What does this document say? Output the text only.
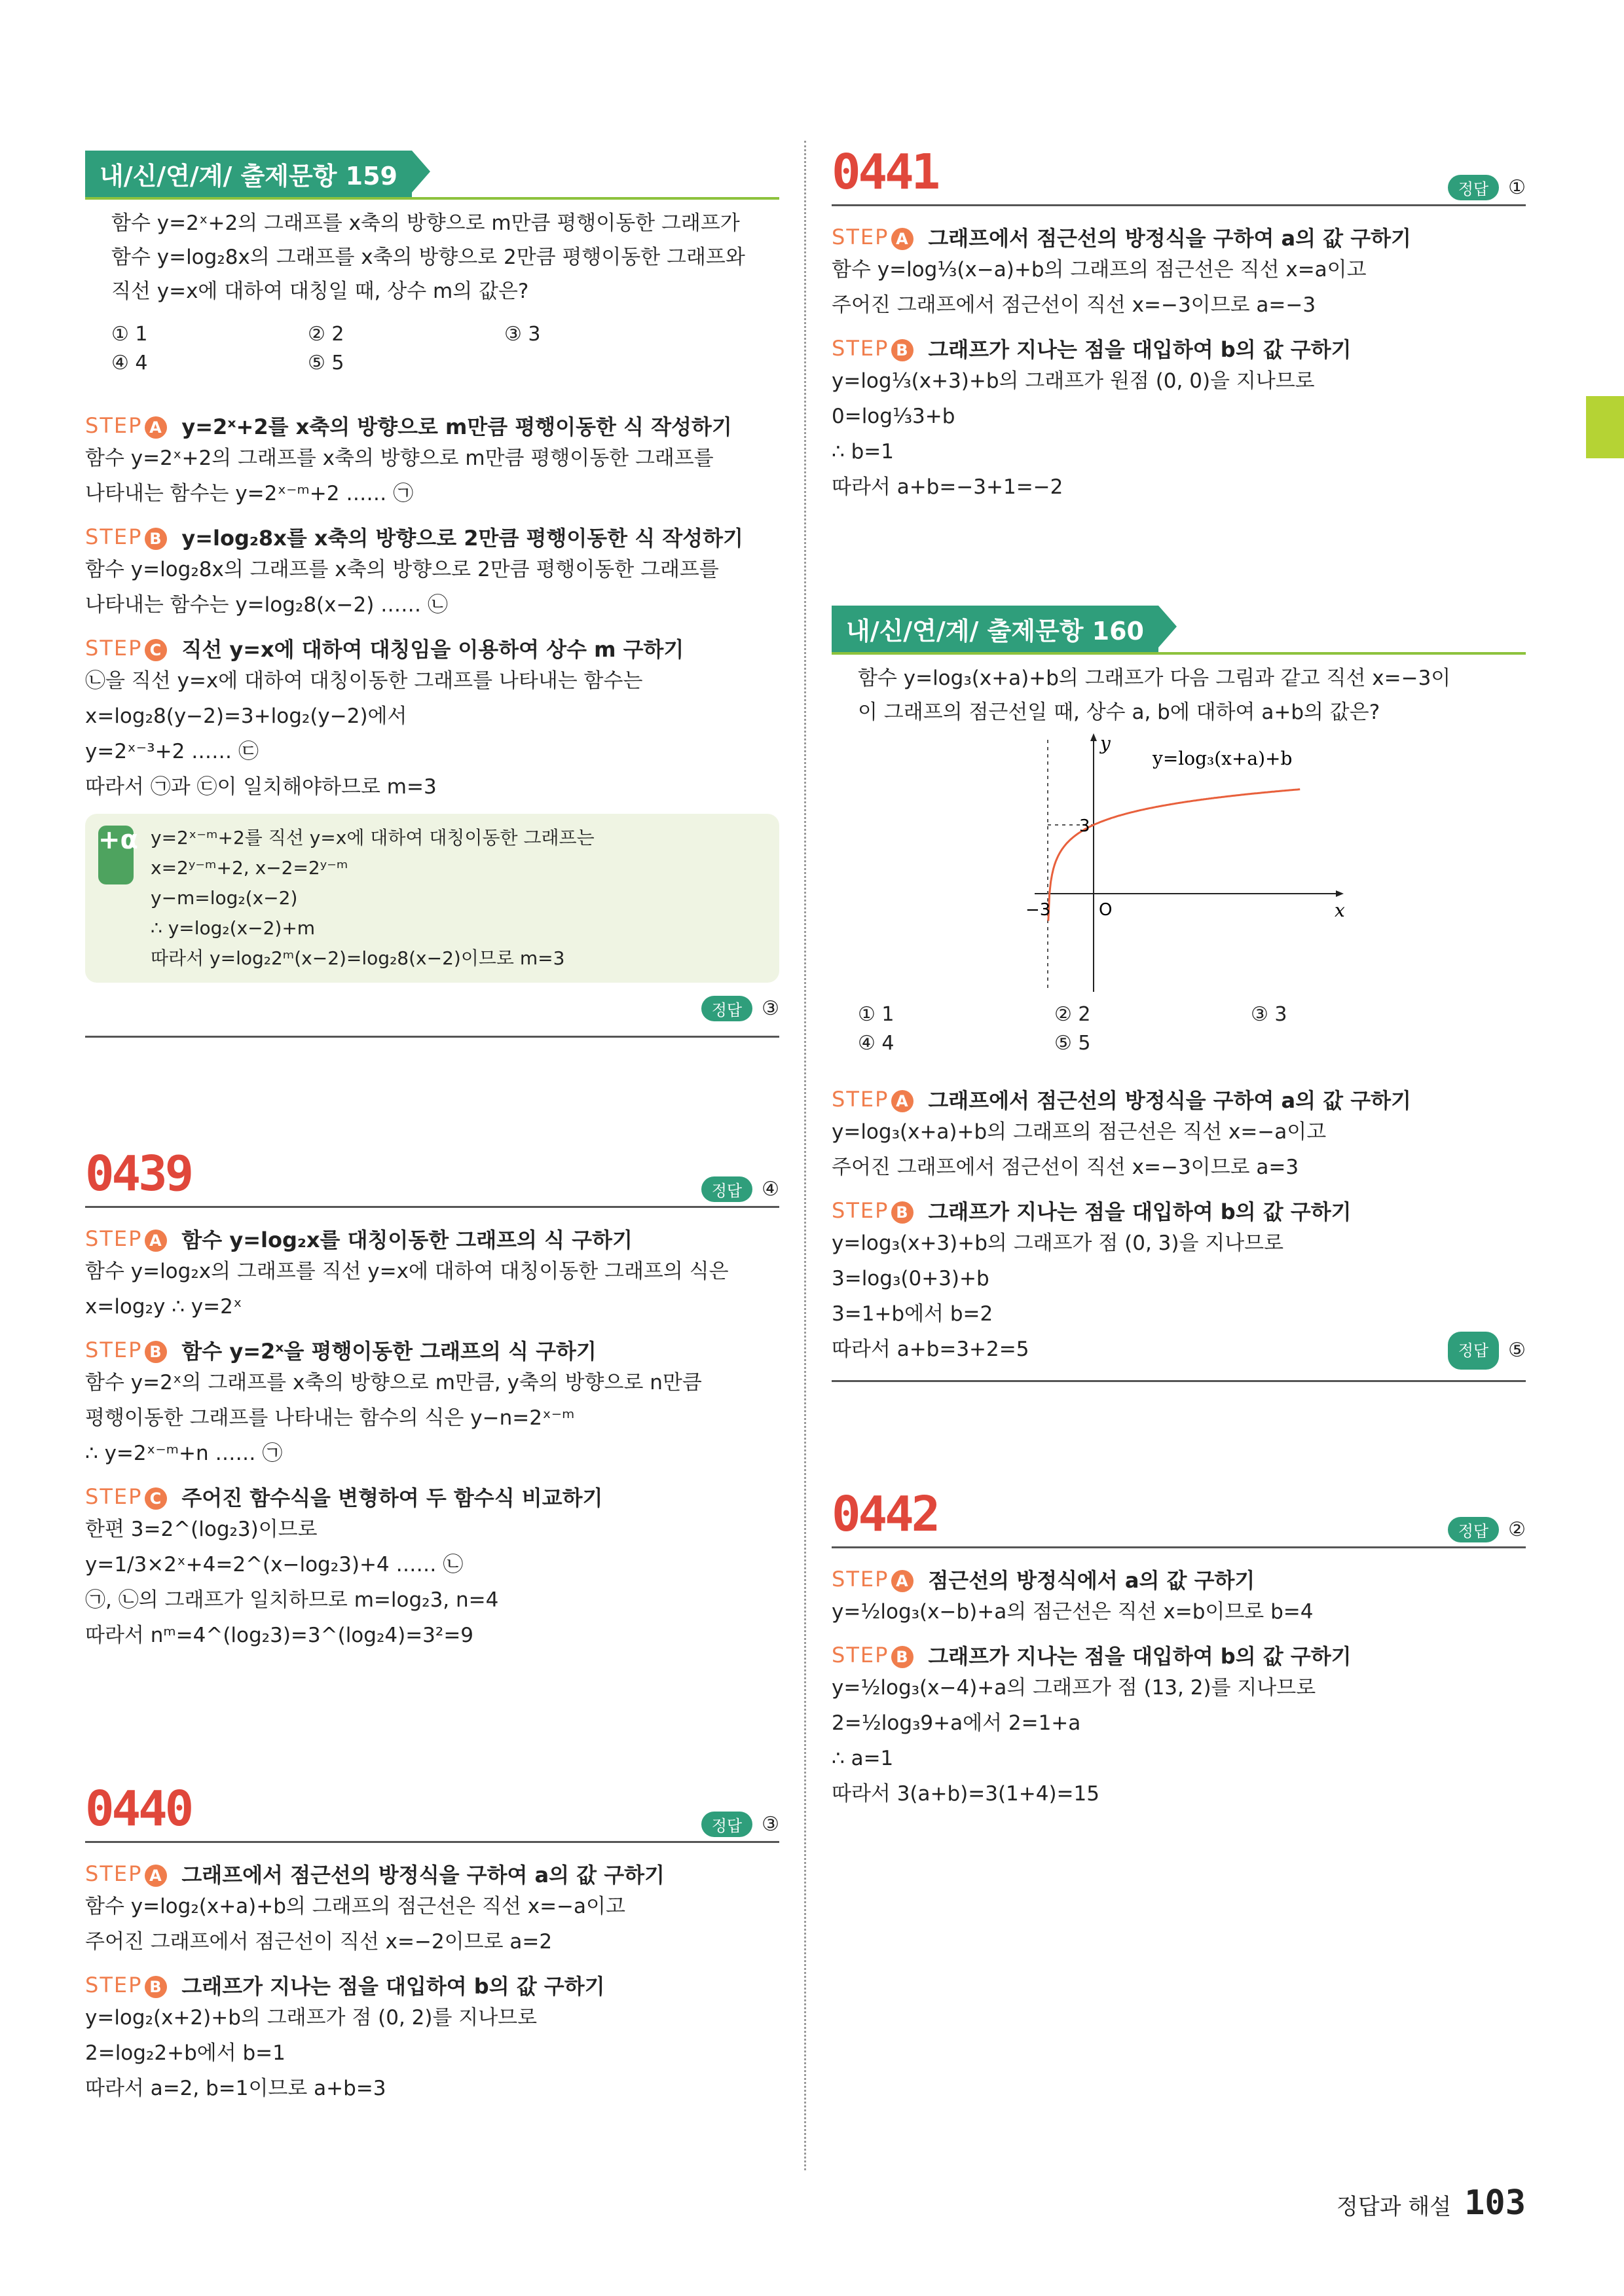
내/신/연/계/ 출제문항 159
함수 y=2ˣ+2의 그래프를 x축의 방향으로 m만큼 평행이동한 그래프가
함수 y=log₂8x의 그래프를 x축의 방향으로 2만큼 평행이동한 그래프와
직선 y=x에 대하여 대칭일 때, 상수 m의 값은?
① 1	② 2	③ 3
④ 4	⑤ 5
STEP A y=2ˣ+2를 x축의 방향으로 m만큼 평행이동한 식 작성하기
함수 y=2ˣ+2의 그래프를 x축의 방향으로 m만큼 평행이동한 그래프를
나타내는 함수는 y=2ˣ⁻ᵐ+2 …… ㉠
STEP B y=log₂8x를 x축의 방향으로 2만큼 평행이동한 식 작성하기
함수 y=log₂8x의 그래프를 x축의 방향으로 2만큼 평행이동한 그래프를
나타내는 함수는 y=log₂8(x−2) …… ㉡
STEP C 직선 y=x에 대하여 대칭임을 이용하여 상수 m 구하기
㉡을 직선 y=x에 대하여 대칭이동한 그래프를 나타내는 함수는
x=log₂8(y−2)=3+log₂(y−2)에서
y=2ˣ⁻³+2 …… ㉢
따라서 ㉠과 ㉢이 일치해야하므로 m=3
+α y=2ˣ⁻ᵐ+2를 직선 y=x에 대하여 대칭이동한 그래프는
x=2ʸ⁻ᵐ+2, x−2=2ʸ⁻ᵐ
y−m=log₂(x−2)
∴ y=log₂(x−2)+m
따라서 y=log₂2ᵐ(x−2)=log₂8(x−2)이므로 m=3
정답	③
0439	정답	④
STEP A 함수 y=log₂x를 대칭이동한 그래프의 식 구하기
함수 y=log₂x의 그래프를 직선 y=x에 대하여 대칭이동한 그래프의 식은
x=log₂y ∴ y=2ˣ
STEP B 함수 y=2ˣ을 평행이동한 그래프의 식 구하기
함수 y=2ˣ의 그래프를 x축의 방향으로 m만큼, y축의 방향으로 n만큼
평행이동한 그래프를 나타내는 함수의 식은 y−n=2ˣ⁻ᵐ
∴ y=2ˣ⁻ᵐ+n …… ㉠
STEP C 주어진 함수식을 변형하여 두 함수식 비교하기
한편 3=2^(log₂3)이므로
y=1/3×2ˣ+4=2^(x−log₂3)+4 …… ㉡
㉠, ㉡의 그래프가 일치하므로 m=log₂3, n=4
따라서 nᵐ=4^(log₂3)=3^(log₂4)=3²=9
0440	정답	③
STEP A 그래프에서 점근선의 방정식을 구하여 a의 값 구하기
함수 y=log₂(x+a)+b의 그래프의 점근선은 직선 x=−a이고
주어진 그래프에서 점근선이 직선 x=−2이므로 a=2
STEP B 그래프가 지나는 점을 대입하여 b의 값 구하기
y=log₂(x+2)+b의 그래프가 점 (0, 2)를 지나므로
2=log₂2+b에서 b=1
따라서 a=2, b=1이므로 a+b=3
0441	정답	①
STEP A 그래프에서 점근선의 방정식을 구하여 a의 값 구하기
함수 y=log⅓(x−a)+b의 그래프의 점근선은 직선 x=a이고
주어진 그래프에서 점근선이 직선 x=−3이므로 a=−3
STEP B 그래프가 지나는 점을 대입하여 b의 값 구하기
y=log⅓(x+3)+b의 그래프가 원점 (0, 0)을 지나므로
0=log⅓3+b
∴ b=1
따라서 a+b=−3+1=−2
내/신/연/계/ 출제문항 160
함수 y=log₃(x+a)+b의 그래프가 다음 그림과 같고 직선 x=−3이
이 그래프의 점근선일 때, 상수 a, b에 대하여 a+b의 값은?
y
x
O
−3
3
y=log₃(x+a)+b
① 1	② 2	③ 3
④ 4	⑤ 5
STEP A 그래프에서 점근선의 방정식을 구하여 a의 값 구하기
y=log₃(x+a)+b의 그래프의 점근선은 직선 x=−a이고
주어진 그래프에서 점근선이 직선 x=−3이므로 a=3
STEP B 그래프가 지나는 점을 대입하여 b의 값 구하기
y=log₃(x+3)+b의 그래프가 점 (0, 3)을 지나므로
3=log₃(0+3)+b
3=1+b에서 b=2
따라서 a+b=3+2=5	정답	⑤
0442	정답	②
STEP A 점근선의 방정식에서 a의 값 구하기
y=½log₃(x−b)+a의 점근선은 직선 x=b이므로 b=4
STEP B 그래프가 지나는 점을 대입하여 b의 값 구하기
y=½log₃(x−4)+a의 그래프가 점 (13, 2)를 지나므로
2=½log₃9+a에서 2=1+a
∴ a=1
따라서 3(a+b)=3(1+4)=15
정답과 해설 103
